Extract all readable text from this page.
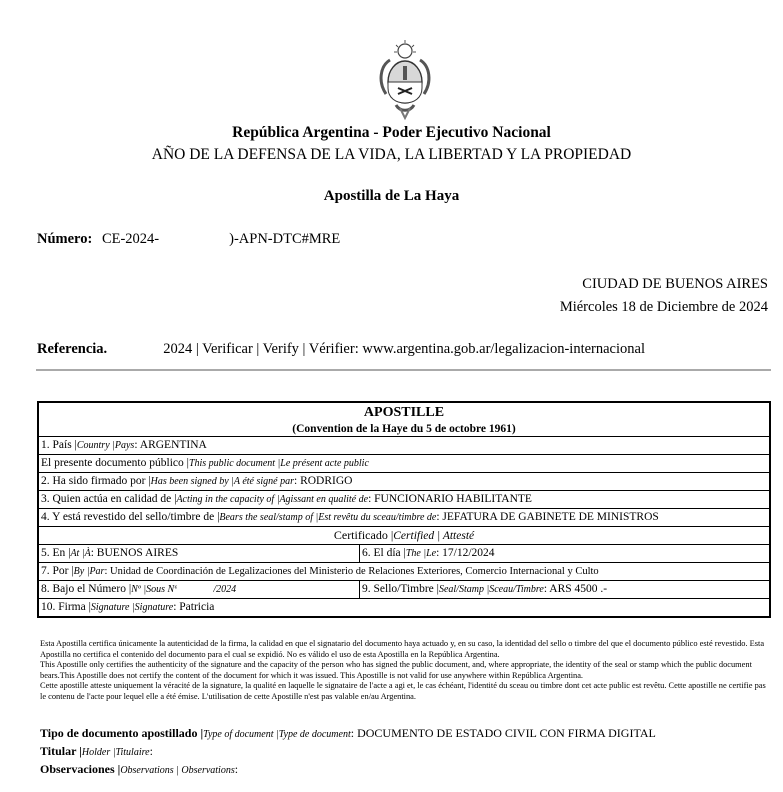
República Argentina - Poder Ejecutivo Nacional
AÑO DE LA DEFENSA DE LA VIDA, LA LIBERTAD Y LA PROPIEDAD
Apostilla de La Haya
Número: CE-2024-	)-APN-DTC#MRE
CIUDAD DE BUENOS AIRES
Miércoles 18 de Diciembre de 2024
Referencia.	2024 | Verificar | Verify | Vérifier: www.argentina.gob.ar/legalizacion-internacional
APOSTILLE
(Convention de la Haye du 5 de octobre 1961)	

1. País |Country |Pays: ARGENTINA	
El presente documento público |This public document |Le présent acte public	
2. Ha sido firmado por |Has been signed by |A été signé par: RODRIGO	
3. Quien actúa en calidad de |Acting in the capacity of |Agissant en qualité de: FUNCIONARIO HABILITANTE	
4. Y está revestido del sello/timbre de |Bears the seal/stamp of |Est revêtu du sceau/timbre de: JEFATURA DE GABINETE DE MINISTROS	
Certificado |Certified | Attesté	
5. En |At |À: BUENOS AIRES	6. El día |The |Le: 17/12/2024
7. Por |By |Par: Unidad de Coordinación de Legalizaciones del Ministerio de Relaciones Exteriores, Comercio Internacional y Culto	
8. Bajo el Número |Nº |Sous Nº /2024	9. Sello/Timbre |Seal/Stamp |Sceau/Timbre: ARS 4500 .-
10. Firma |Signature |Signature: Patricia	

Esta Apostilla certifica únicamente la autenticidad de la firma, la calidad en que el signatario del documento haya actuado y, en su caso, la identidad del sello o timbre del que el documento público esté revestido. Esta Apostilla no certifica el contenido del documento para el cual se expidió. No es válido el uso de esta Apostilla en la República Argentina.

This Apostille only certifies the authenticity of the signature and the capacity of the person who has signed the public document, and, where appropriate, the identity of the seal or stamp which the public document bears.This Apostille does not certify the content of the document for which it was issued. This Apostille is not valid for use anywhere within República Argentina.

Cette apostille atteste uniquement la véracité de la signature, la qualité en laquelle le signataire de l'acte a agi et, le cas échéant, l'identité du sceau ou timbre dont cet acte public est revêtu. Cette apostille ne certifie pas le contenu de l'acte pour lequel elle a été émise. L'utilisation de cette Apostille n'est pas valable en/au Argentina.

Tipo de documento apostillado |Type of document |Type de document: DOCUMENTO DE ESTADO CIVIL CON FIRMA DIGITAL
Titular |Holder |Titulaire:
Observaciones |Observations | Observations:
